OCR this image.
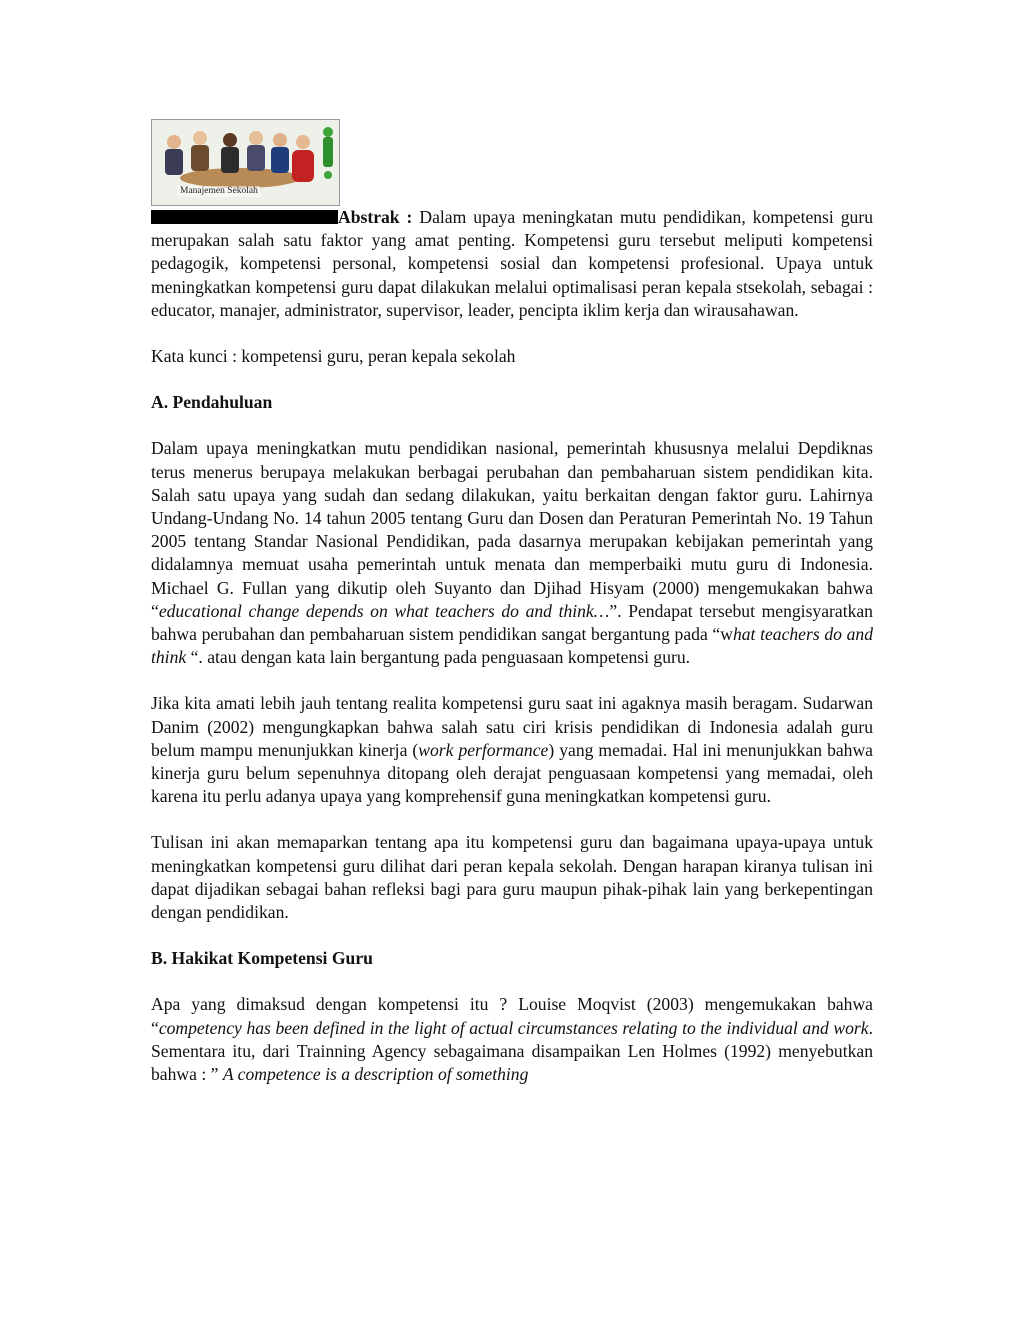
Manajemen Sekolah

Abstrak : Dalam upaya meningkatan mutu pendidikan, kompetensi guru merupakan salah satu faktor yang amat penting. Kompetensi guru tersebut meliputi kompetensi pedagogik, kompetensi personal, kompetensi sosial dan kompetensi profesional. Upaya untuk meningkatkan kompetensi guru dapat dilakukan melalui optimalisasi peran kepala stsekolah, sebagai : educator, manajer, administrator, supervisor, leader, pencipta iklim kerja dan wirausahawan.

Kata kunci : kompetensi guru, peran kepala sekolah

A. Pendahuluan

Dalam upaya meningkatkan mutu pendidikan nasional, pemerintah khususnya melalui Depdiknas terus menerus berupaya melakukan berbagai perubahan dan pembaharuan sistem pendidikan kita. Salah satu upaya yang sudah dan sedang dilakukan, yaitu berkaitan dengan faktor guru. Lahirnya Undang-Undang No. 14 tahun 2005 tentang Guru dan Dosen dan Peraturan Pemerintah No. 19 Tahun 2005 tentang Standar Nasional Pendidikan, pada dasarnya merupakan kebijakan pemerintah yang didalamnya memuat usaha pemerintah untuk menata dan memperbaiki mutu guru di Indonesia. Michael G. Fullan yang dikutip oleh Suyanto dan Djihad Hisyam (2000) mengemukakan bahwa “educational change depends on what teachers do and think…”. Pendapat tersebut mengisyaratkan bahwa perubahan dan pembaharuan sistem pendidikan sangat bergantung pada “what teachers do and think “. atau dengan kata lain bergantung pada penguasaan kompetensi guru.

Jika kita amati lebih jauh tentang realita kompetensi guru saat ini agaknya masih beragam. Sudarwan Danim (2002) mengungkapkan bahwa salah satu ciri krisis pendidikan di Indonesia adalah guru belum mampu menunjukkan kinerja (work performance) yang memadai. Hal ini menunjukkan bahwa kinerja guru belum sepenuhnya ditopang oleh derajat penguasaan kompetensi yang memadai, oleh karena itu perlu adanya upaya yang komprehensif guna meningkatkan kompetensi guru.

Tulisan ini akan memaparkan tentang apa itu kompetensi guru dan bagaimana upaya-upaya untuk meningkatkan kompetensi guru dilihat dari peran kepala sekolah. Dengan harapan kiranya tulisan ini dapat dijadikan sebagai bahan refleksi bagi para guru maupun pihak-pihak lain yang berkepentingan dengan pendidikan.

B. Hakikat Kompetensi Guru

Apa yang dimaksud dengan kompetensi itu ? Louise Moqvist (2003) mengemukakan bahwa “competency has been defined in the light of actual circumstances relating to the individual and work. Sementara itu, dari Trainning Agency sebagaimana disampaikan Len Holmes (1992) menyebutkan bahwa : ” A competence is a description of something
